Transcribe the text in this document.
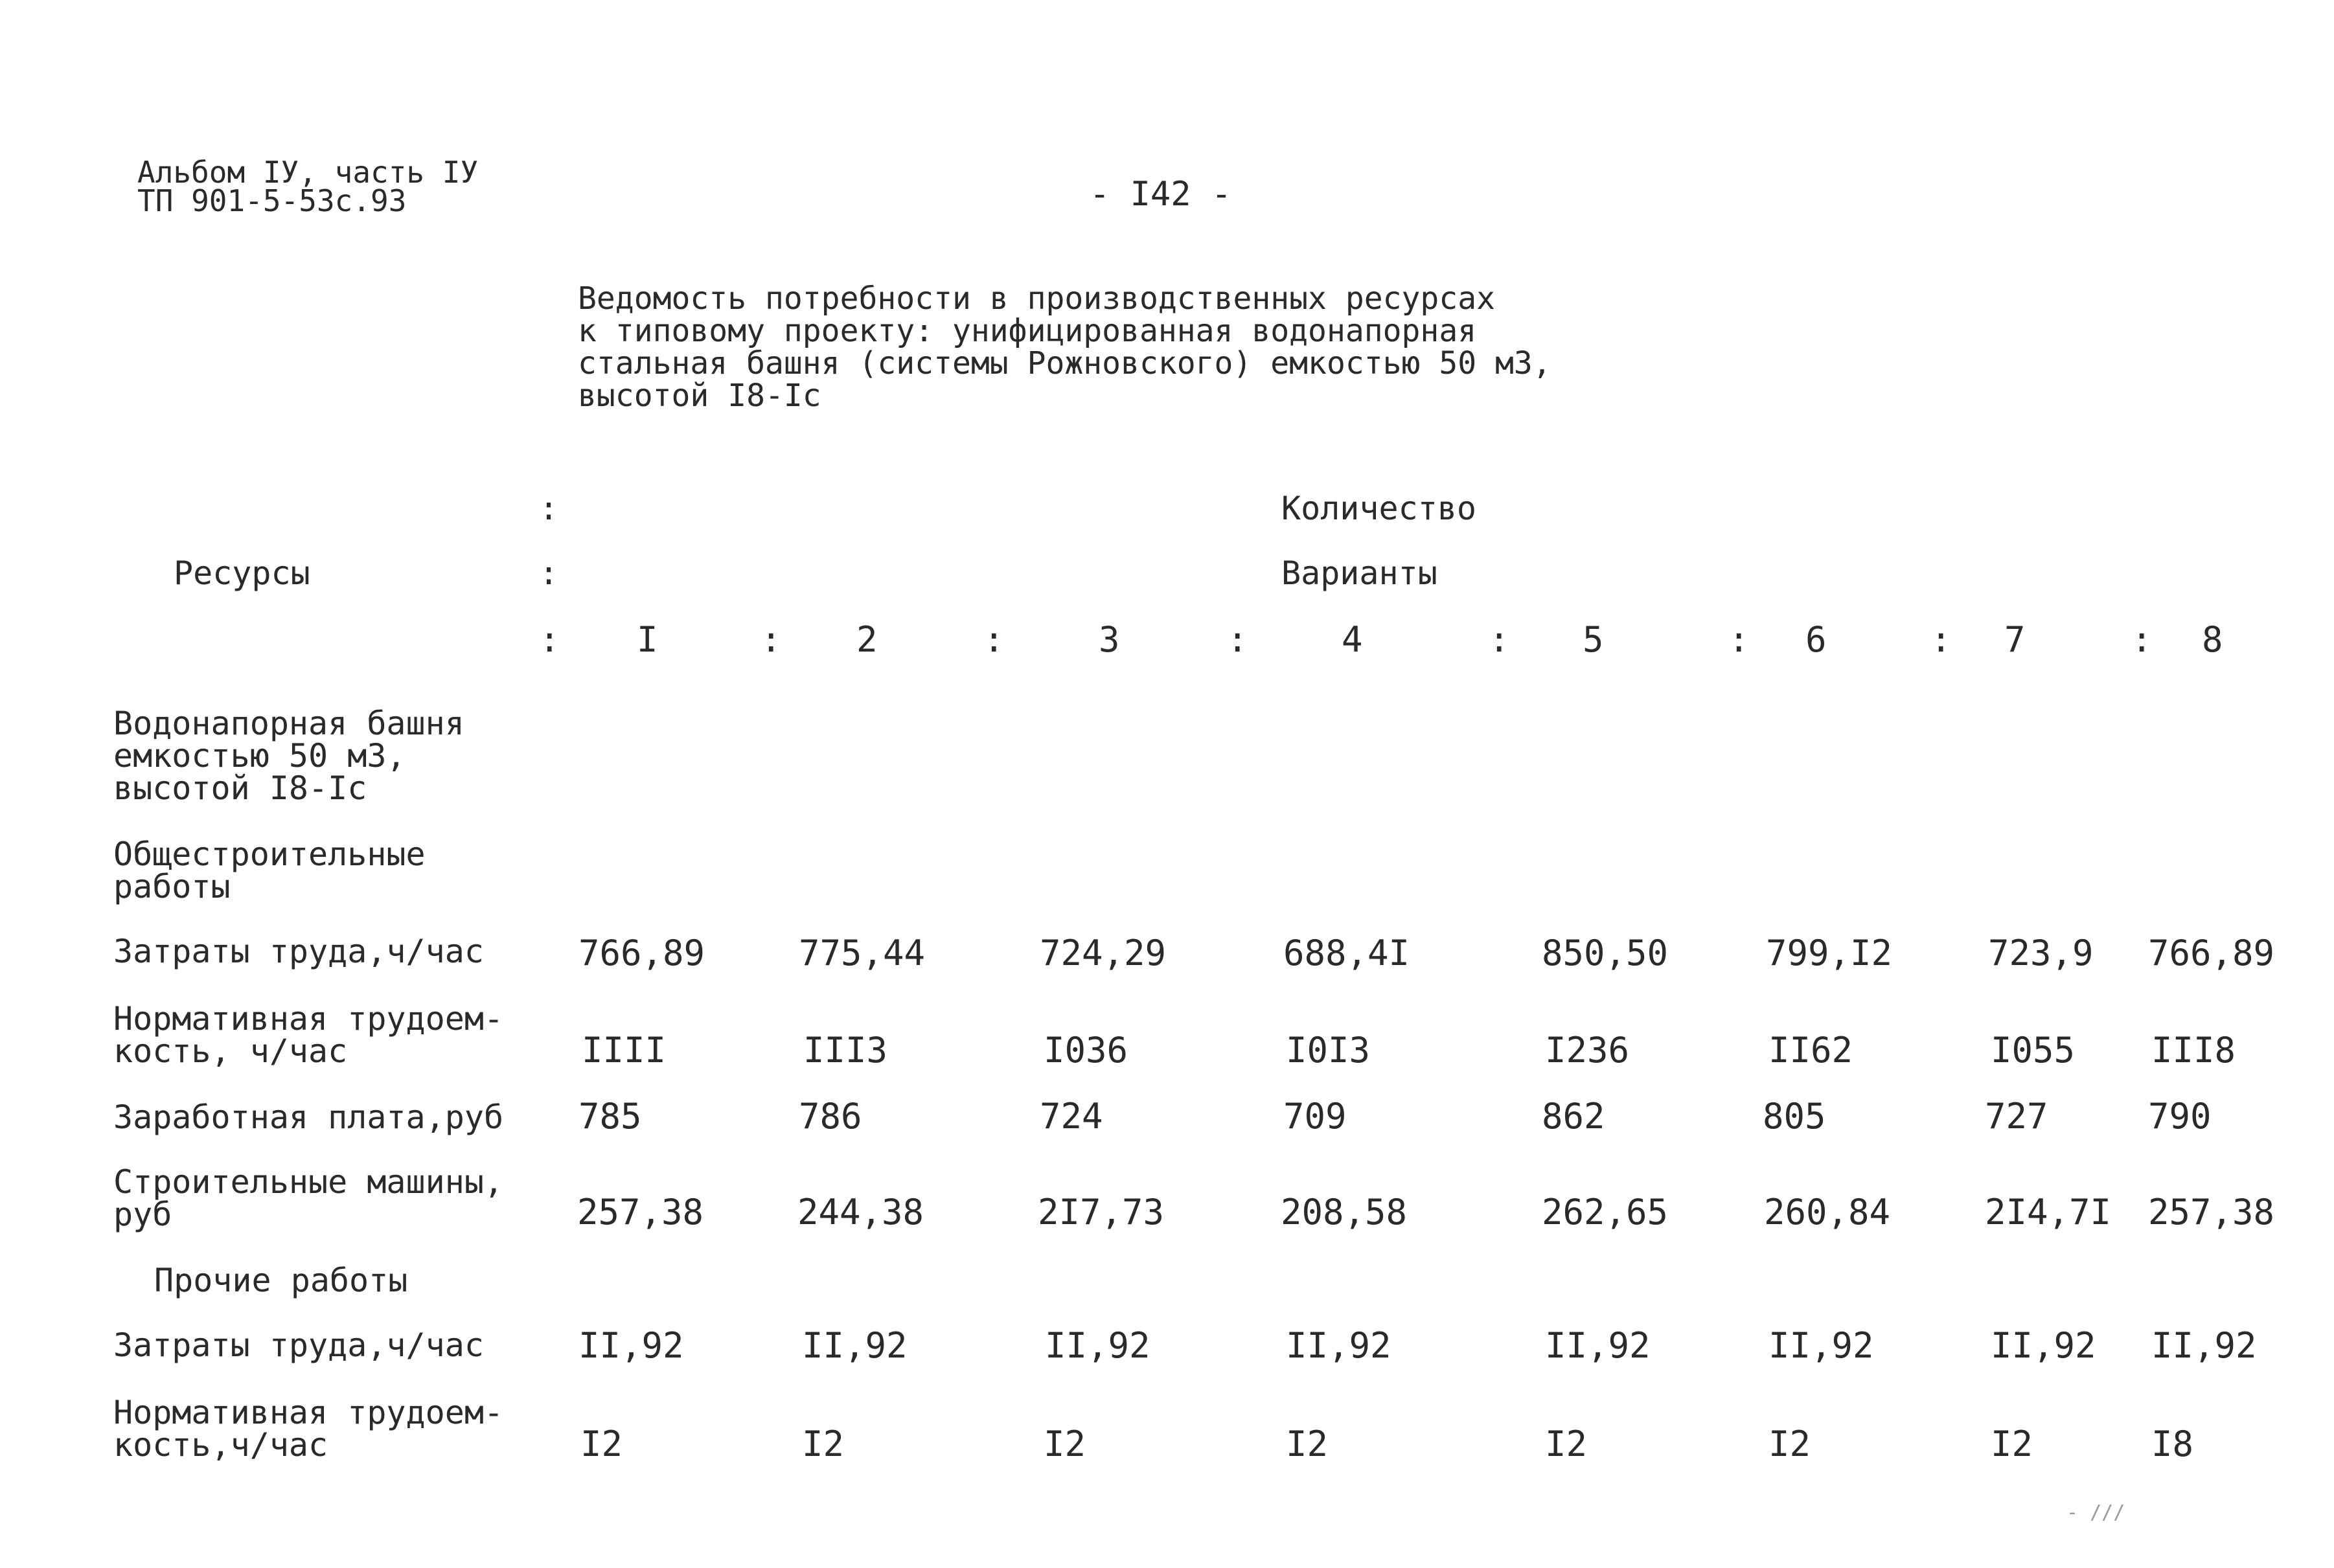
Альбом IУ, часть IУ
ТП 901-5-53с.93	- I42 -
Ведомость потребности в производственных ресурсах
к типовому проекту: унифицированная водонапорная
стальная башня (системы Рожновского) емкостью 50 м3,
высотой I8-Iс
:	Количество
Ресурсы	:	Варианты
: I	: 2	:	3	:	4	: 5	: 6	: 7	: 8
Водонапорная башня
емкостью 50 м3,
высотой I8-Iс
Общестроительные
работы
Затраты труда,ч/час	766,89	775,44	724,29	688,4I	850,50	799,I2	723,9 766,89
Нормативная трудоем-
кость, ч/час	IIII	III3	I036	I0I3	I236	II62	I055 III8
Заработная плата,руб 785	786	724	709	862	805	727	790
Строительные машины,
руб	257,38	244,38	2I7,73	208,58	262,65	260,84	2I4,7I 257,38
Прочие работы
Затраты труда,ч/час	II,92	II,92	II,92	II,92	II,92	II,92	II,92 II,92
Нормативная трудоем-
кость,ч/час	I2	I2	I2	I2	I2	I2	I2	I8
- ///
